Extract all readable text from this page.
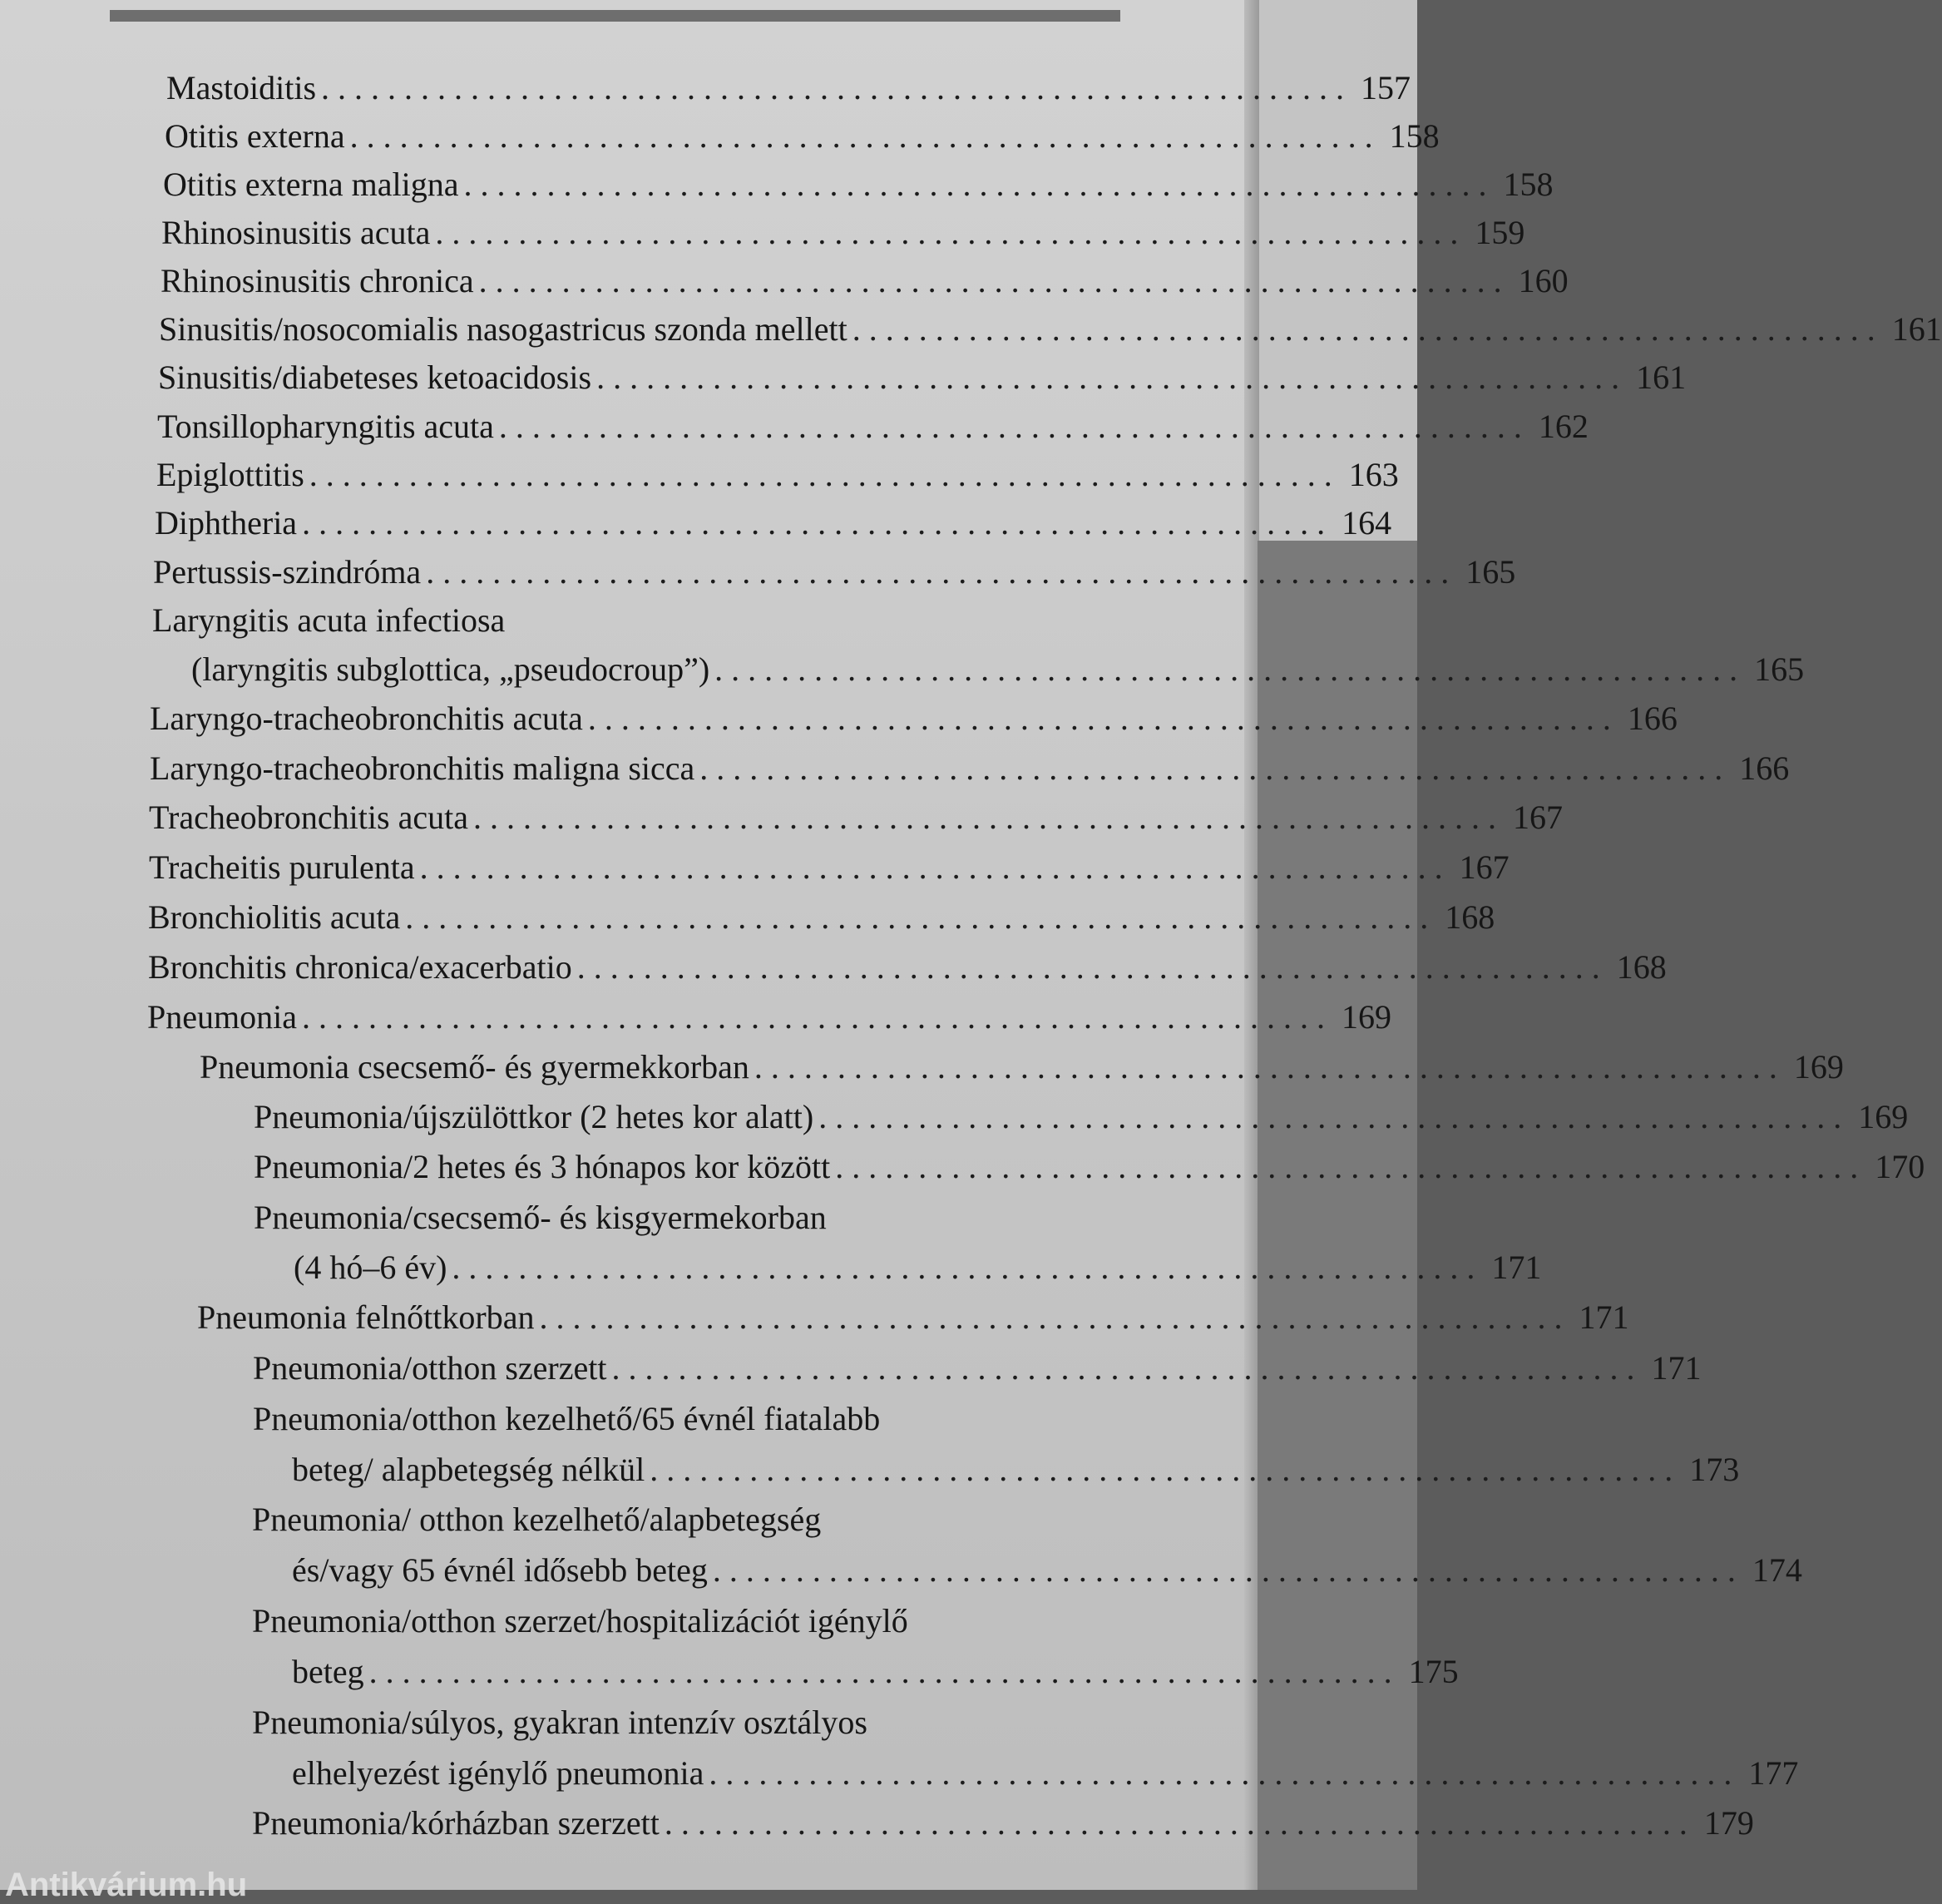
Mastoiditis .............................................................. 157
Otitis externa .............................................................. 158
Otitis externa maligna .............................................................. 158
Rhinosinusitis acuta .............................................................. 159
Rhinosinusitis chronica .............................................................. 160
Sinusitis/nosocomialis nasogastricus szonda mellett .............................................................. 161
Sinusitis/diabeteses ketoacidosis .............................................................. 161
Tonsillopharyngitis acuta .............................................................. 162
Epiglottitis .............................................................. 163
Diphtheria .............................................................. 164
Pertussis-szindróma .............................................................. 165
Laryngitis acuta infectiosa
(laryngitis subglottica, „pseudocroup”) .............................................................. 165
Laryngo-tracheobronchitis acuta .............................................................. 166
Laryngo-tracheobronchitis maligna sicca .............................................................. 166
Tracheobronchitis acuta .............................................................. 167
Tracheitis purulenta .............................................................. 167
Bronchiolitis acuta .............................................................. 168
Bronchitis chronica/exacerbatio .............................................................. 168
Pneumonia .............................................................. 169
Pneumonia csecsemő- és gyermekkorban .............................................................. 169
Pneumonia/újszülöttkor (2 hetes kor alatt) .............................................................. 169
Pneumonia/2 hetes és 3 hónapos kor között .............................................................. 170
Pneumonia/csecsemő- és kisgyermekorban
(4 hó–6 év) .............................................................. 171
Pneumonia felnőttkorban .............................................................. 171
Pneumonia/otthon szerzett .............................................................. 171
Pneumonia/otthon kezelhető/65 évnél fiatalabb
beteg/ alapbetegség nélkül .............................................................. 173
Pneumonia/ otthon kezelhető/alapbetegség
és/vagy 65 évnél idősebb beteg .............................................................. 174
Pneumonia/otthon szerzet/hospitalizációt igénylő
beteg .............................................................. 175
Pneumonia/súlyos, gyakran intenzív osztályos
elhelyezést igénylő pneumonia .............................................................. 177
Pneumonia/kórházban szerzett .............................................................. 179
Antikvárium.hu
